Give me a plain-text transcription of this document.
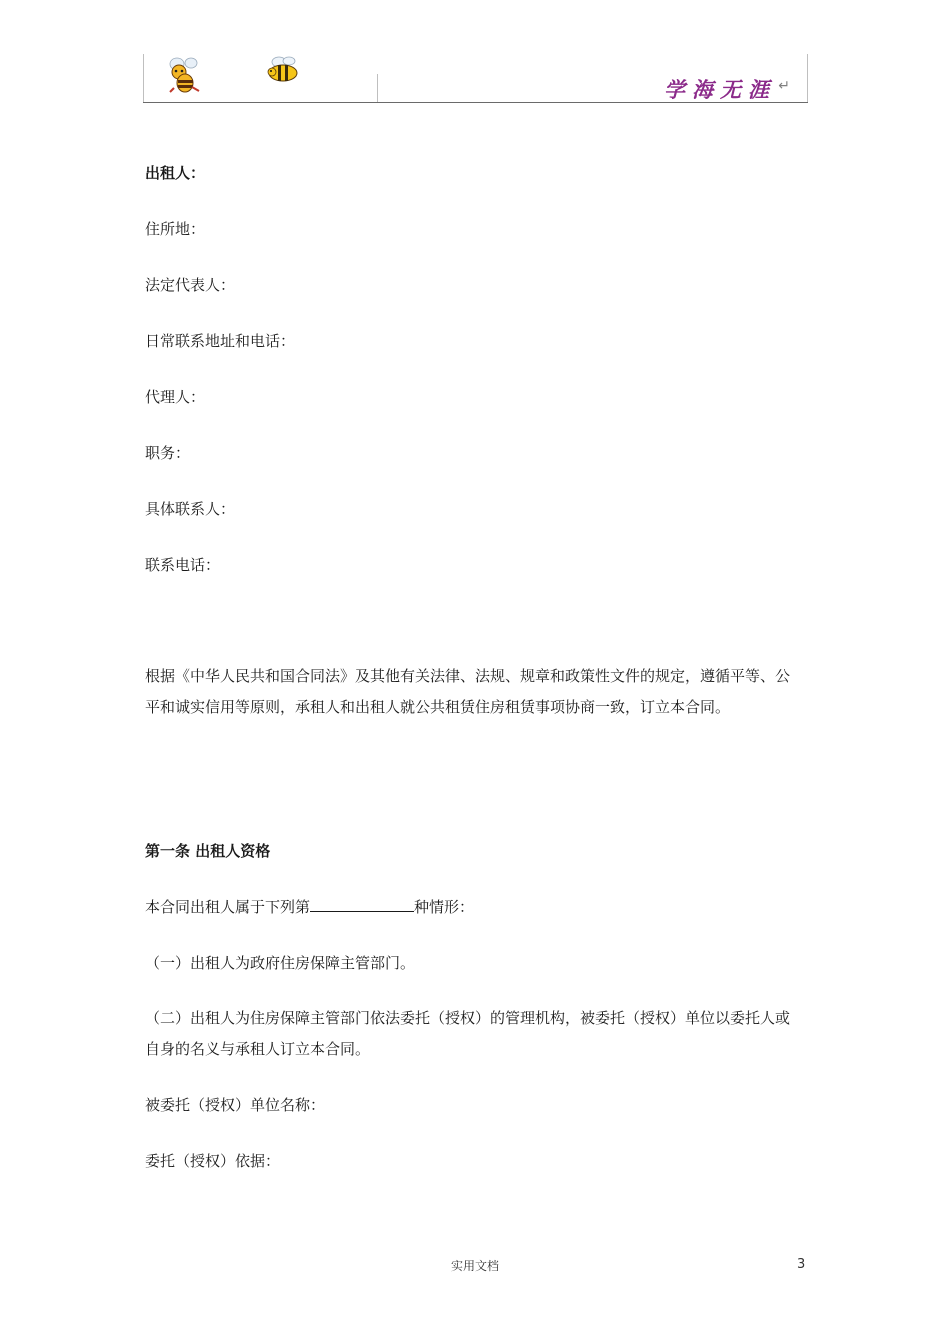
学海无涯 ↵
出租人：
住所地：
法定代表人：
日常联系地址和电话：
代理人：
职务：
具体联系人：
联系电话：
根据《中华人民共和国合同法》及其他有关法律、法规、规章和政策性文件的规定，遵循平等、公平和诚实信用等原则，承租人和出租人就公共租赁住房租赁事项协商一致，订立本合同。
第一条 出租人资格
本合同出租人属于下列第	种情形：
（一）出租人为政府住房保障主管部门。
（二）出租人为住房保障主管部门依法委托（授权）的管理机构，被委托（授权）单位以委托人或自身的名义与承租人订立本合同。
被委托（授权）单位名称：
委托（授权）依据：
实用文档	3
